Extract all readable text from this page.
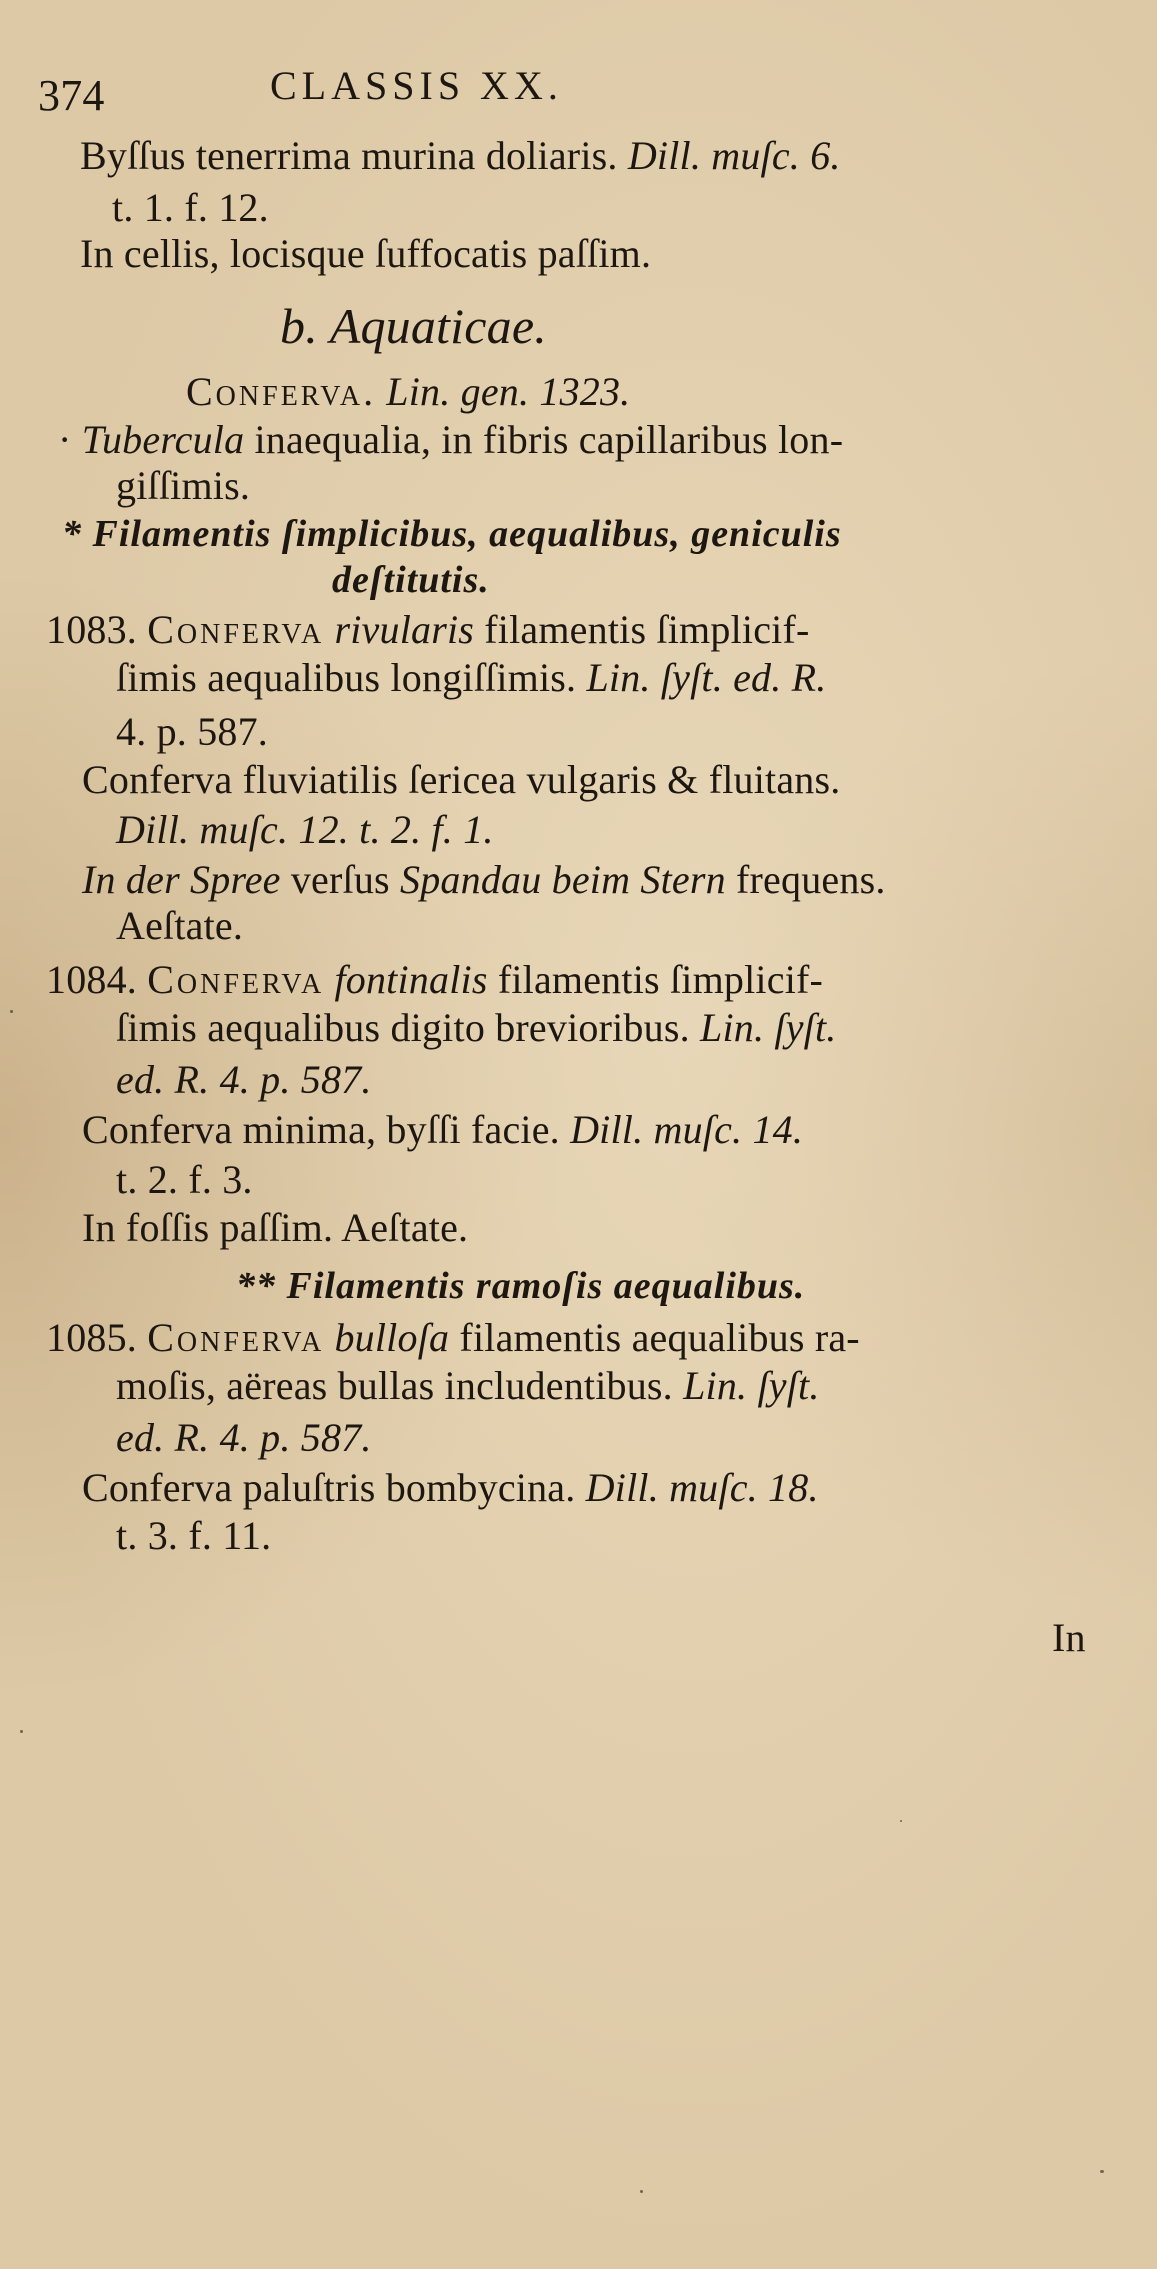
374	CLASSIS XX.
Byſſus tenerrima murina doliaris. Dill. muſc. 6.
t. 1. f. 12.
In cellis, locisque ſuffocatis paſſim.
b. Aquaticae.
Conferva. Lin. gen. 1323.
· Tubercula inaequalia, in fibris capillaribus lon-
giſſimis.
* Filamentis ſimplicibus, aequalibus, geniculis
deſtitutis.
1083. Conferva rivularis filamentis ſimplicif-
ſimis aequalibus longiſſimis. Lin. ſyſt. ed. R.
4. p. 587.
Conferva fluviatilis ſericea vulgaris & fluitans.
Dill. muſc. 12. t. 2. f. 1.
In der Spree verſus Spandau beim Stern frequens.
Aeſtate.
1084. Conferva fontinalis filamentis ſimplicif-
ſimis aequalibus digito brevioribus. Lin. ſyſt.
ed. R. 4. p. 587.
Conferva minima, byſſi facie. Dill. muſc. 14.
t. 2. f. 3.
In foſſis paſſim. Aeſtate.
** Filamentis ramoſis aequalibus.
1085. Conferva bulloſa filamentis aequalibus ra-
moſis, aëreas bullas includentibus. Lin. ſyſt.
ed. R. 4. p. 587.
Conferva paluſtris bombycina. Dill. muſc. 18.
t. 3. f. 11.
In
